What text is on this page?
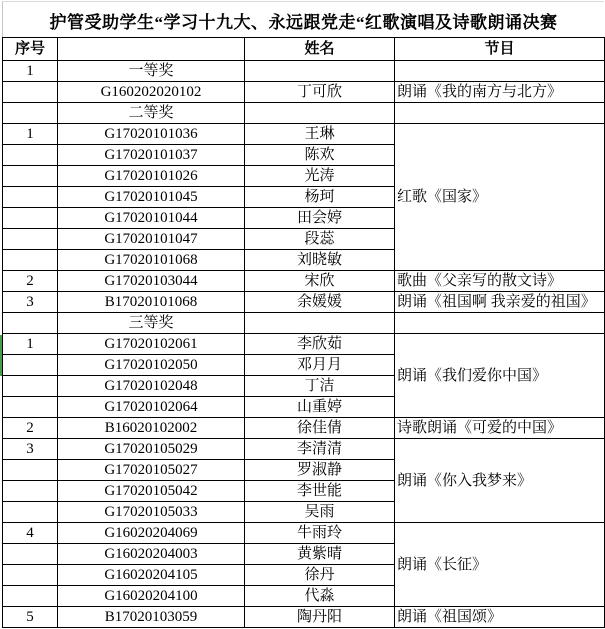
护管受助学生“学习十九大、永远跟党走“红歌演唱及诗歌朗诵决赛
序号		姓名	节目
1	一等奖		
	G160202020102	丁可欣	朗诵《我的南方与北方》
	二等奖		
1	G17020101036	王琳	红歌《国家》
	G17020101037	陈欢	
	G17020101026	光涛	
	G17020101045	杨珂	
	G17020101044	田会婷	
	G17020101047	段蕊	
	G17020101068	刘晓敏	
2	G17020103044	宋欣	歌曲《父亲写的散文诗》
3	B17020101068	余媛媛	朗诵《祖国啊 我亲爱的祖国》
	三等奖		
1	G17020102061	李欣茹	朗诵《我们爱你中国》
	G17020102050	邓月月	
	G17020102048	丁洁	
	G17020102064	山重婷	
2	B16020102002	徐佳倩	诗歌朗诵《可爱的中国》
3	G17020105029	李清清	朗诵《你入我梦来》
	G17020105027	罗淑静	
	G17020105042	李世能	
	G17020105033	吴雨	
4	G16020204069	牛雨玲	朗诵《长征》
	G16020204003	黄紫晴	
	G16020204105	徐丹	
	G16020204100	代淼	
5	B17020103059	陶丹阳	朗诵《祖国颂》
